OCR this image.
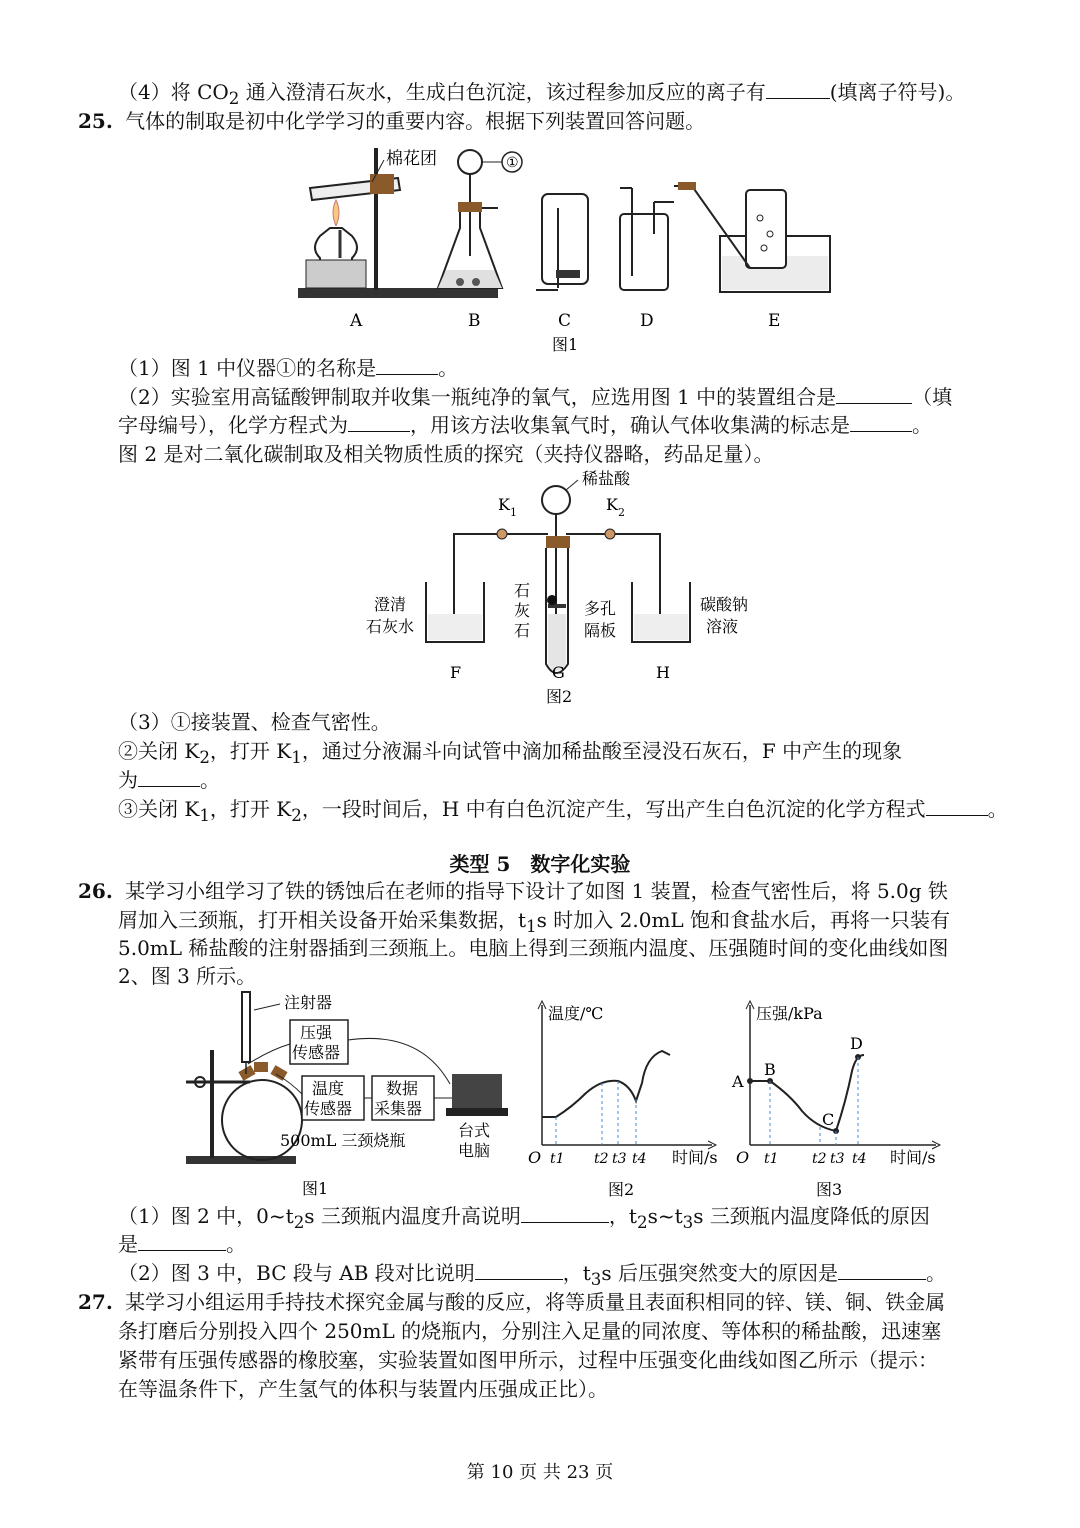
（4）将 $CO_2$ 通入澄清石灰水，生成白色沉淀，该过程参加反应的离子有	(填离子符号)。
25. 气体的制取是初中化学学习的重要内容。根据下列装置回答问题。
棉花团	①
A	B	C	D	E
图1
（1）图 1 中仪器①的名称是	。
（2）实验室用高锰酸钾制取并收集一瓶纯净的氧气，应选用图 1 中的装置组合是	（填
字母编号），化学方程式为	，用该方法收集氧气时，确认气体收集满的标志是	。
图 2 是对二氧化碳制取及相关物质性质的探究（夹持仪器略，药品足量）。
稀盐酸
K 1	K 2
澄清
石灰水
石
灰
石
多孔
隔板
碳酸钠
溶液
F	G	H
图2
（3）①接装置、检查气密性。
②关闭 $K_2$，打开 $K_1$，通过分液漏斗向试管中滴加稀盐酸至浸没石灰石，F 中产生的现象
为	。
③关闭 $K_1$，打开 $K_2$，一段时间后，H 中有白色沉淀产生，写出产生白色沉淀的化学方程式	。
类型 5　数字化实验
26. 某学习小组学习了铁的锈蚀后在老师的指导下设计了如图 1 装置，检查气密性后，将 5.0g 铁
屑加入三颈瓶，打开相关设备开始采集数据，$t_1s$ 时加入 2.0mL 饱和食盐水后，再将一只装有
5.0mL 稀盐酸的注射器插到三颈瓶上。电脑上得到三颈瓶内温度、压强随时间的变化曲线如图
2、图 3 所示。
注射器
压强
传感器
温度
传感器
数据
采集器
台式
电脑
500mL 三颈烧瓶
图1
温度/℃
时间/s
O t1 t2 t3 t4
图2
压强/kPa
时间/s
O
A
B
C
D
t1 t2 t3 t4
图3
（1）图 2 中，$0\sim t_2s$ 三颈瓶内温度升高说明	，$t_2s\sim t_3s$ 三颈瓶内温度降低的原因
是	。
（2）图 3 中，BC 段与 AB 段对比说明	，$t_3s$ 后压强突然变大的原因是	。
27. 某学习小组运用手持技术探究金属与酸的反应，将等质量且表面积相同的锌、镁、铜、铁金属
条打磨后分别投入四个 250mL 的烧瓶内，分别注入足量的同浓度、等体积的稀盐酸，迅速塞
紧带有压强传感器的橡胶塞，实验装置如图甲所示，过程中压强变化曲线如图乙所示（提示：
在等温条件下，产生氢气的体积与装置内压强成正比）。
第 10 页 共 23 页
